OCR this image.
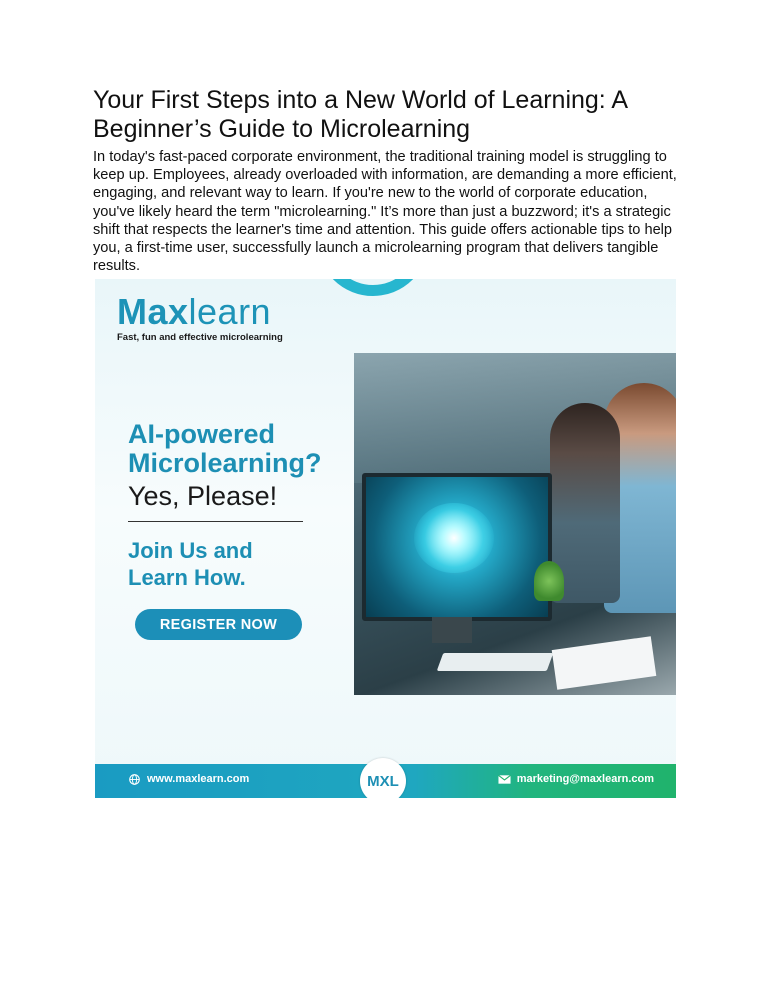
Your First Steps into a New World of Learning: A Beginner’s Guide to Microlearning

In today's fast-paced corporate environment, the traditional training model is struggling to keep up. Employees, already overloaded with information, are demanding a more efficient, engaging, and relevant way to learn. If you're new to the world of corporate education, you've likely heard the term "microlearning." It’s more than just a buzzword; it's a strategic shift that respects the learner's time and attention. This guide offers actionable tips to help you, a first-time user, successfully launch a microlearning program that delivers tangible results.

Maxlearn
Fast, fun and effective microlearning
AI-powered
Microlearning?
Yes, Please!
Join Us and
Learn How.
REGISTER NOW
www.maxlearn.com	marketing@maxlearn.com
MXL
